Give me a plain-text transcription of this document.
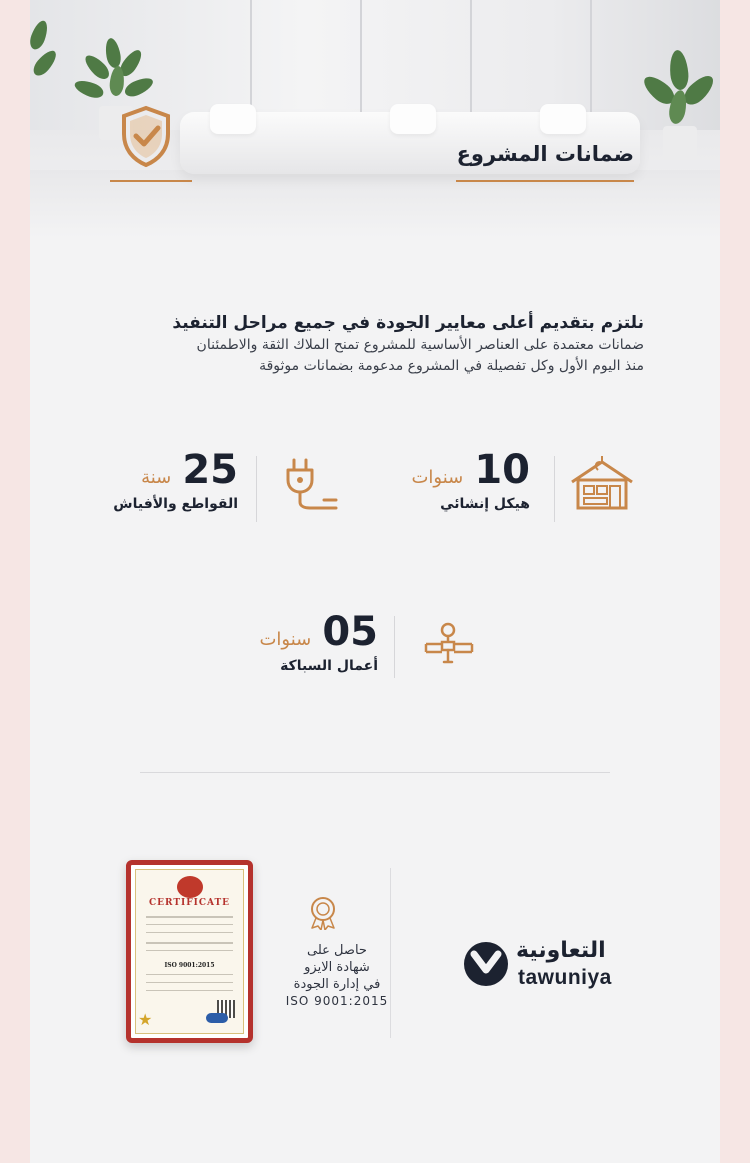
ضمانات المشروع
نلتزم بتقديم أعلى معايير الجودة في جميع مراحل التنفيذ
ضمانات معتمدة على العناصر الأساسية للمشروع تمنح الملاك الثقة والاطمئنان
منذ اليوم الأول وكل تفصيلة في المشروع مدعومة بضمانات موثوقة
10 سنوات
هيكل إنشائي
25 سنة
القواطع والأفياش
05 سنوات
أعمال السباكة
CERTIFICATE
ISO 9001:2015
★
حاصل على
شهادة الايزو
في إدارة الجودة
ISO 9001:2015
التعاونية
tawuniya
